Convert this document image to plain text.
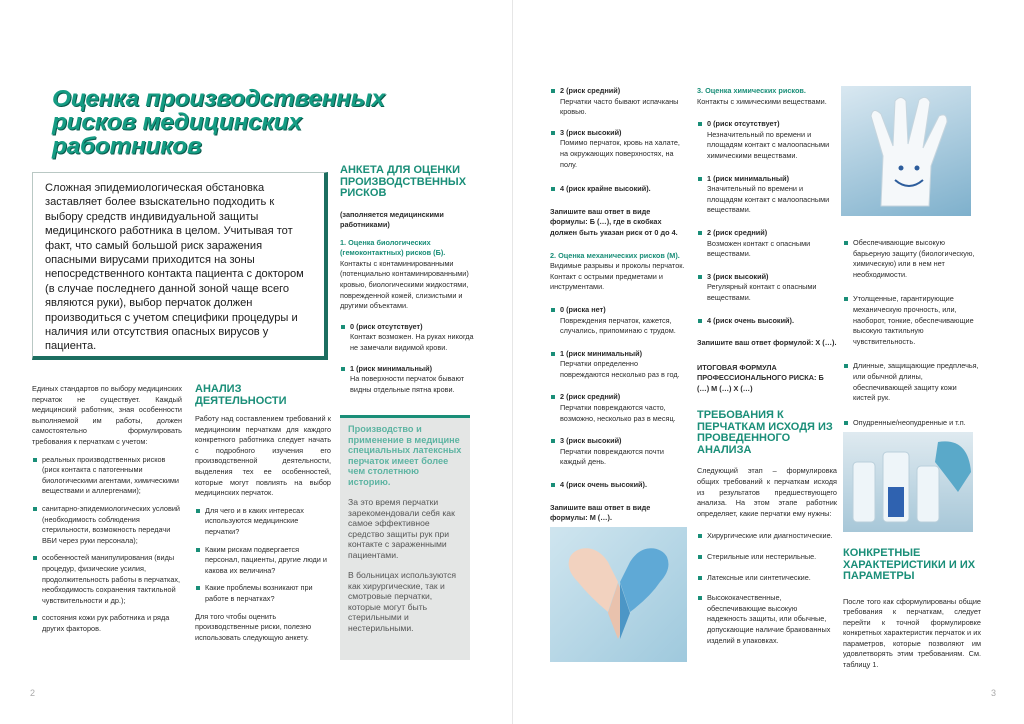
Оценка производственных рисков медицинских работников

Сложная эпидемиологическая обстановка заставляет более взыскательно подходить к выбору средств индивидуальной защиты медицинского работника в целом. Учитывая тот факт, что самый большой риск заражения опасными вирусами приходится на зоны непосредственного контакта пациента с доктором (в случае последнего данной зоной чаще всего являются руки), выбор перчаток должен производиться с учетом специфики процедуры и наличия или отсутствия опасных вирусов у пациента.

Единых стандартов по выбору медицинских перчаток не существует. Каждый медицинский работник, зная особенности выполняемой им работы, должен самостоятельно формулировать требования к перчаткам с учетом:

реальных производственных рисков (риск контакта с патогенными биологическими агентами, химическими веществами и аллергенами);
санитарно-эпидемиологических условий (необходимость соблюдения стерильности, возможность передачи ВБИ через руки персонала);
особенностей манипулирования (виды процедур, физические усилия, продолжительность работы в перчатках, необходимость сохранения тактильной чувствительности и др.);
состояния кожи рук работника и ряда других факторов.
АНАЛИЗ ДЕЯТЕЛЬНОСТИ

Работу над составлением требований к медицинским перчаткам для каждого конкретного работника следует начать с подробного изучения его производственной деятельности, выделения тех ее особенностей, которые могут повлиять на выбор медицинских перчаток.

Для чего и в каких интересах используются медицинские перчатки?
Каким рискам подвергается персонал, пациенты, другие люди и какова их величина?
Какие проблемы возникают при работе в перчатках?

Для того чтобы оценить производственные риски, полезно использовать следующую анкету.

АНКЕТА ДЛЯ ОЦЕНКИ ПРОИЗВОДСТВЕННЫХ РИСКОВ

(заполняется медицинскими работниками)

1. Оценка биологических (гемоконтактных) рисков (Б).

Контакты с контаминированными (потенциально контаминированными) кровью, биологическими жидкостями, поврежденной кожей, слизистыми и другими объектами.

0 (риск отсутствует)

Контакт возможен. На руках никогда не замечали видимой крови.

1 (риск минимальный)

На поверхности перчаток бывают видны отдельные пятна крови.

Производство и применение в медицине специальных латексных перчаток имеет более чем столетнюю историю.

За это время перчатки зарекомендовали себя как самое эффективное средство защиты рук при контакте с зараженными пациентами.

В больницах используются как хирургические, так и смотровые перчатки, которые могут быть стерильными и нестерильными.

2
2 (риск средний)

Перчатки часто бывают испачканы кровью.

3 (риск высокий)

Помимо перчаток, кровь на халате, на окружающих поверхностях, на полу.

4 (риск крайне высокий).

Запишите ваш ответ в виде формулы: Б (…), где в скобках должен быть указан риск от 0 до 4.

2. Оценка механических рисков (М).

Видимые разрывы и проколы перчаток. Контакт с острыми предметами и инструментами.

0 (риска нет)

Повреждения перчаток, кажется, случались, припоминаю с трудом.

1 (риск минимальный)

Перчатки определенно повреждаются несколько раз в год.

2 (риск средний)

Перчатки повреждаются часто, возможно, несколько раз в месяц.

3 (риск высокий)

Перчатки повреждаются почти каждый день.

4 (риск очень высокий).

Запишите ваш ответ в виде формулы: М (…).

3. Оценка химических рисков.

Контакты с химическими веществами.

0 (риск отсутствует)

Незначительный по времени и площадям контакт с малоопасными химическими веществами.

1 (риск минимальный)

Значительный по времени и площадям контакт с малоопасными веществами.

2 (риск средний)

Возможен контакт с опасными веществами.

3 (риск высокий)

Регулярный контакт с опасными веществами.

4 (риск очень высокий).

Запишите ваш ответ формулой: Х (…).

ИТОГОВАЯ ФОРМУЛА ПРОФЕССИОНАЛЬНОГО РИСКА: Б (…) М (…) Х (…)

ТРЕБОВАНИЯ К ПЕРЧАТКАМ ИСХОДЯ ИЗ ПРОВЕДЕННОГО АНАЛИЗА

Следующий этап – формулировка общих требований к перчаткам исходя из результатов предшествующего анализа. На этом этапе работник определяет, какие перчатки ему нужны:

Хирургические или диагностические.
Стерильные или нестерильные.
Латексные или синтетические.
Высококачественные, обеспечивающие высокую надежность защиты, или обычные, допускающие наличие бракованных изделий в упаковках.
Обеспечивающие высокую барьерную защиту (биологическую, химическую) или в нем нет необходимости.
Утолщенные, гарантирующие механическую прочность, или, наоборот, тонкие, обеспечивающие высокую тактильную чувствительность.
Длинные, защищающие предплечья, или обычной длины, обеспечивающей защиту кожи кистей рук.
Опудренные/неопудренные и т.п.
КОНКРЕТНЫЕ ХАРАКТЕРИСТИКИ И ИХ ПАРАМЕТРЫ

После того как сформулированы общие требования к перчаткам, следует перейти к точной формулировке конкретных характеристик перчаток и их параметров, которые позволяют им удовлетворять этим требованиям. См. таблицу 1.

3
